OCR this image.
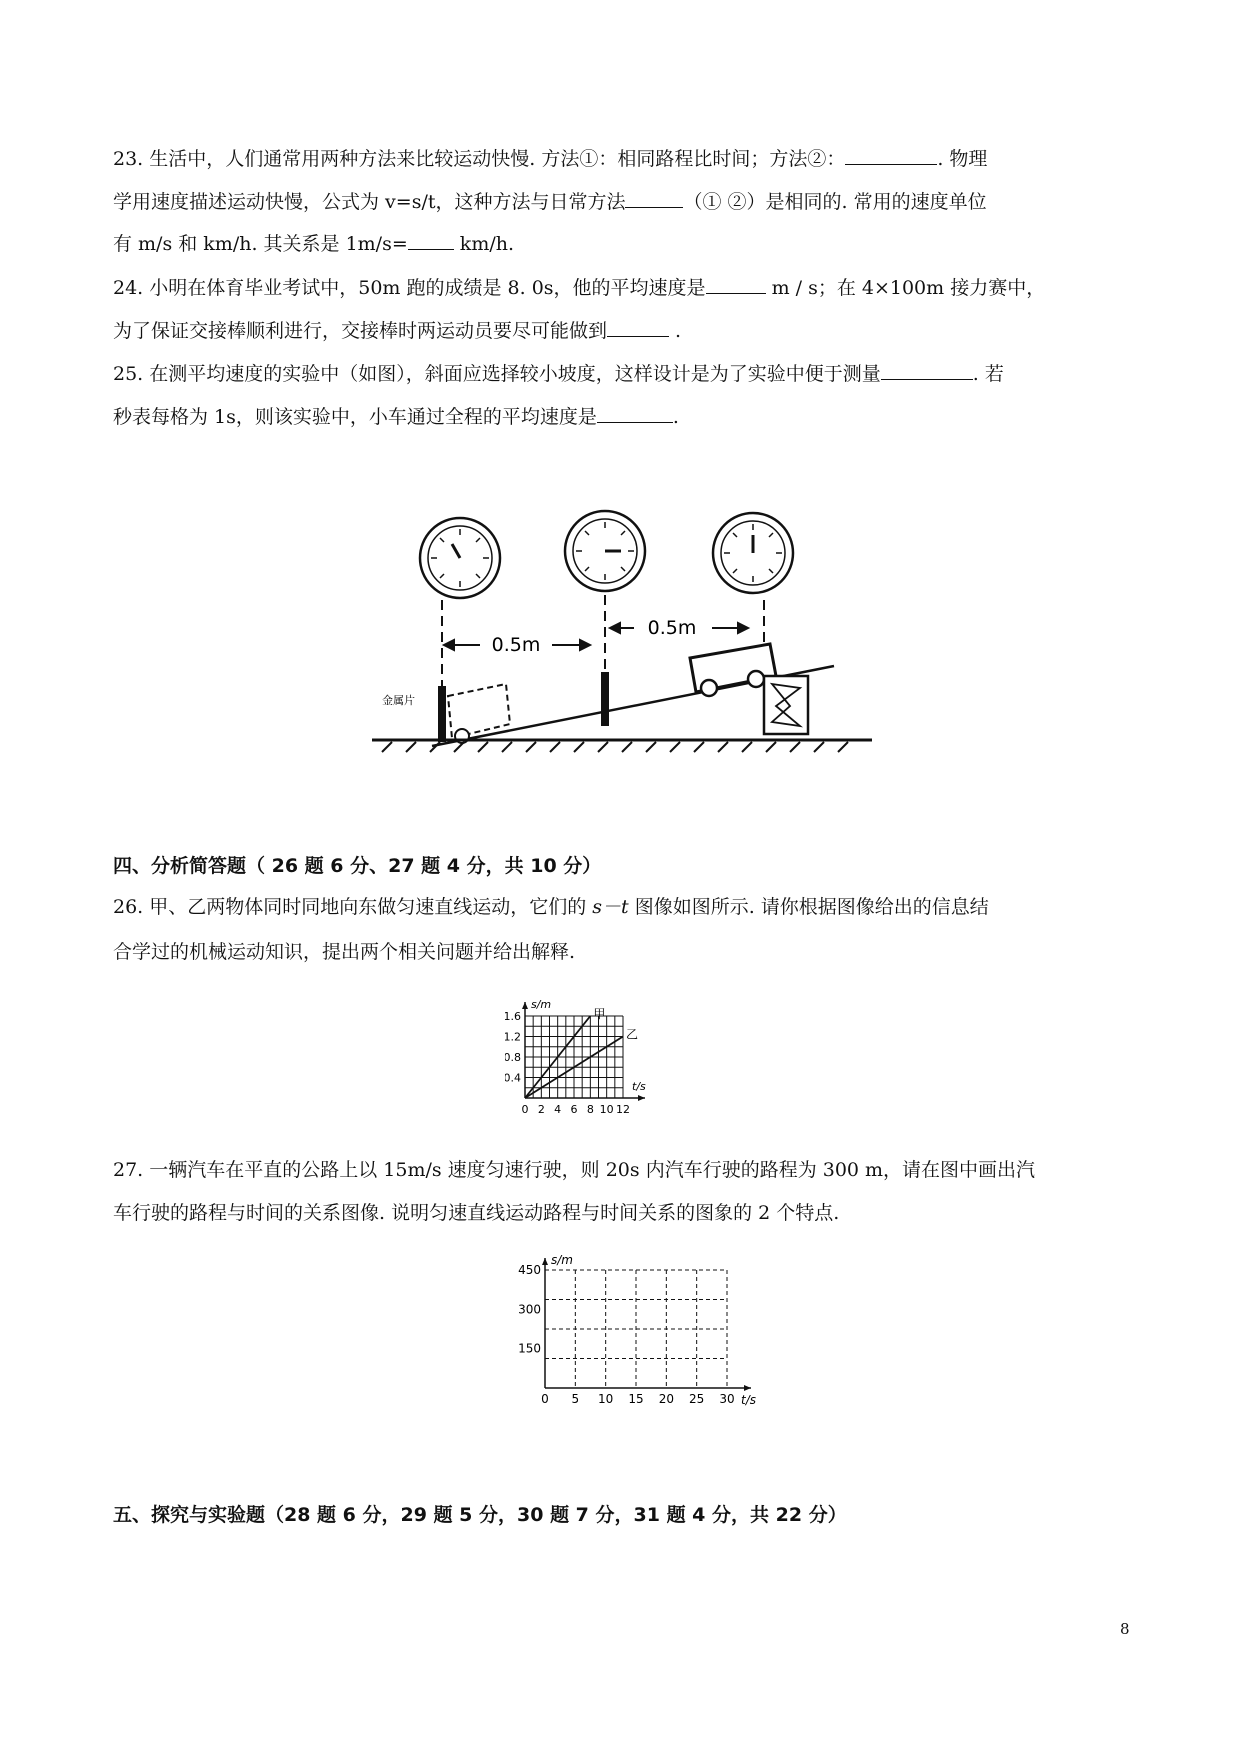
23. 生活中，人们通常用两种方法来比较运动快慢. 方法①：相同路程比时间；方法②：	. 物理
学用速度描述运动快慢，公式为 v=s/t，这种方法与日常方法	（① ②）是相同的. 常用的速度单位
有 m/s 和 km/h. 其关系是 1m/s= km/h.
24. 小明在体育毕业考试中，50m 跑的成绩是 8. 0s，他的平均速度是	m / s；在 4×100m 接力赛中，
为了保证交接棒顺利进行，交接棒时两运动员要尽可能做到	.
25. 在测平均速度的实验中（如图），斜面应选择较小坡度，这样设计是为了实验中便于测量	. 若
秒表每格为 1s，则该实验中，小车通过全程的平均速度是	.
0.5m
0.5m
金属片
四、分析简答题（ 26 题 6 分、27 题 4 分，共 10 分）
26. 甲、乙两物体同时同地向东做匀速直线运动，它们的 s－t 图像如图所示. 请你根据图像给出的信息结
合学过的机械运动知识，提出两个相关问题并给出解释.
0 2 4 6 8 10 12
0.4
0.8
1.2
1.6
s/m
t/s
甲
乙
27. 一辆汽车在平直的公路上以 15m/s 速度匀速行驶，则 20s 内汽车行驶的路程为 300 m，请在图中画出汽
车行驶的路程与时间的关系图像. 说明匀速直线运动路程与时间关系的图象的 2 个特点.
0 5 10 15 20 25 30
150
300
450
s/m
t/s
五、探究与实验题（28 题 6 分，29 题 5 分，30 题 7 分，31 题 4 分，共 22 分）
8
